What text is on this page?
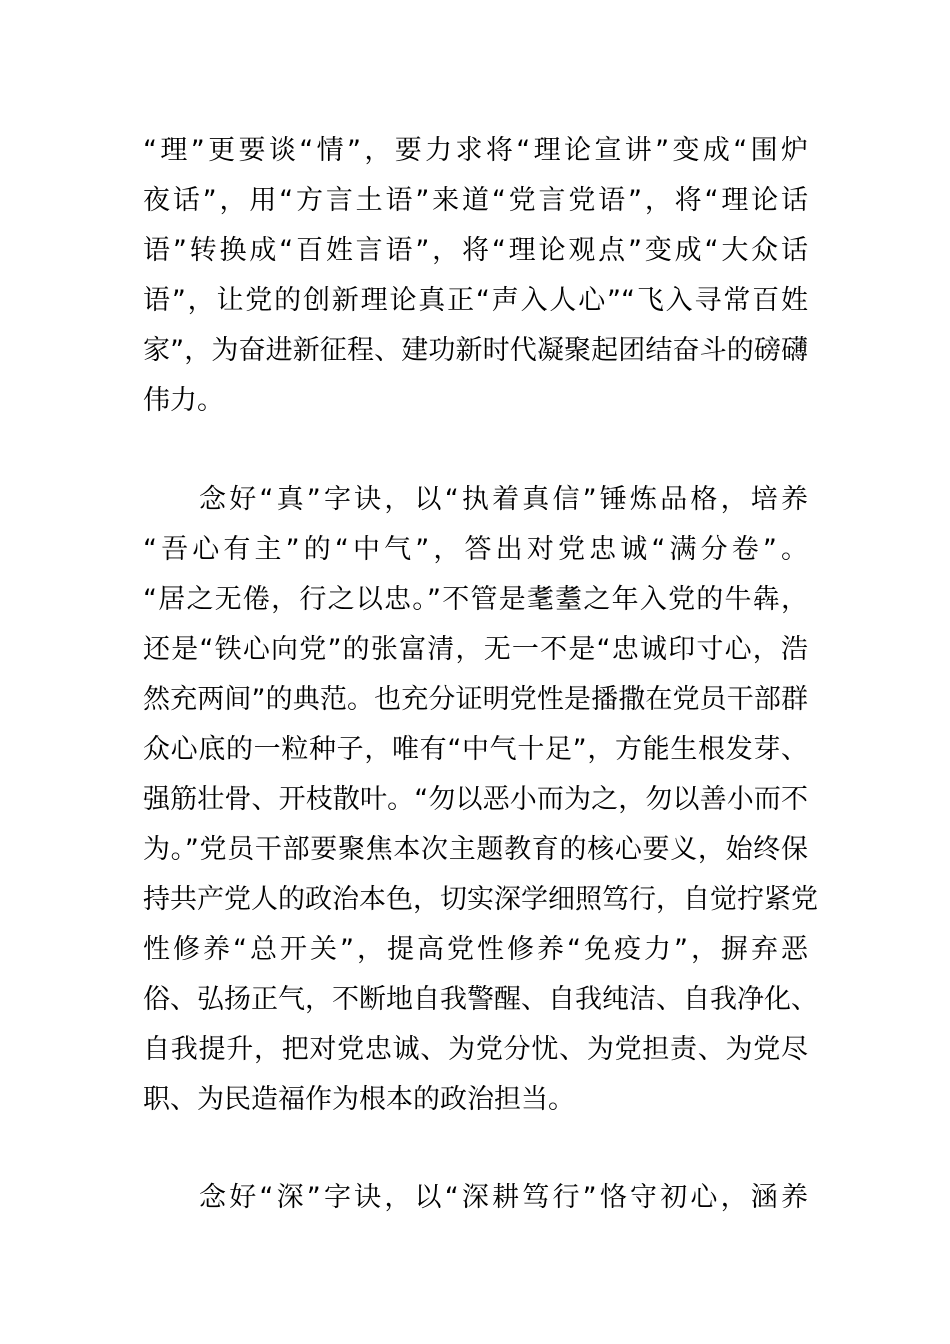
“理”更要谈“情”，要力求将“理论宣讲”变成“围炉
夜话”，用“方言土语”来道“党言党语”，将“理论话
语”转换成“百姓言语”，将“理论观点”变成“大众话
语”，让党的创新理论真正“声入人心”“飞入寻常百姓
家”，为奋进新征程、建功新时代凝聚起团结奋斗的磅礴
伟力。
念好“真”字诀，以“执着真信”锤炼品格，培养
“吾心有主”的“中气”，答出对党忠诚“满分卷”。
“居之无倦，行之以忠。”不管是耄耋之年入党的牛犇，
还是“铁心向党”的张富清，无一不是“忠诚印寸心，浩
然充两间”的典范。也充分证明党性是播撒在党员干部群
众心底的一粒种子，唯有“中气十足”，方能生根发芽、
强筋壮骨、开枝散叶。“勿以恶小而为之，勿以善小而不
为。”党员干部要聚焦本次主题教育的核心要义，始终保
持共产党人的政治本色，切实深学细照笃行，自觉拧紧党
性修养“总开关”，提高党性修养“免疫力”，摒弃恶
俗、弘扬正气，不断地自我警醒、自我纯洁、自我净化、
自我提升，把对党忠诚、为党分忧、为党担责、为党尽
职、为民造福作为根本的政治担当。
念好“深”字诀，以“深耕笃行”恪守初心，涵养
